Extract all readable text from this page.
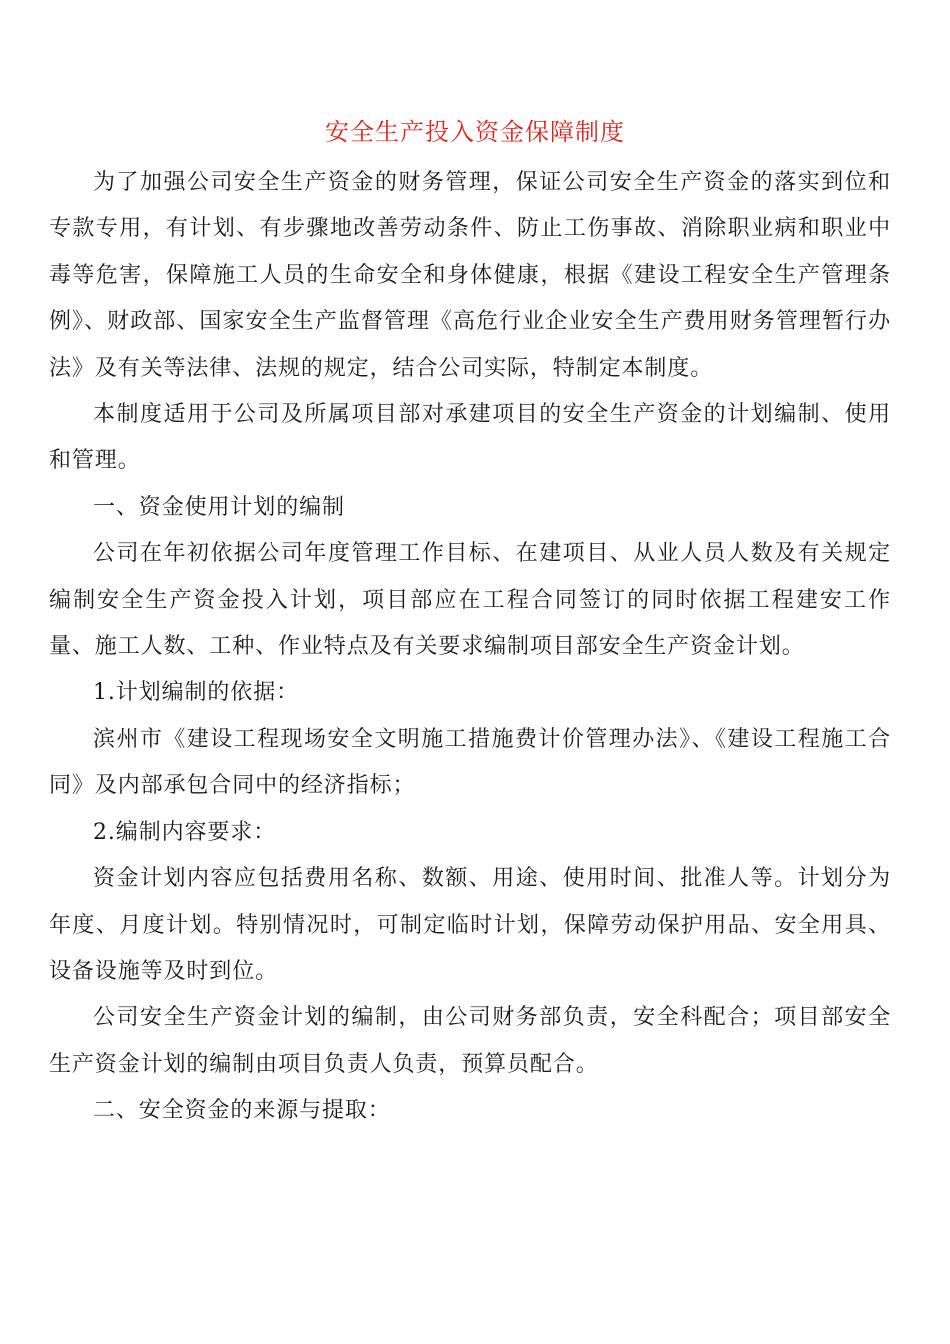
安全生产投入资金保障制度

为了加强公司安全生产资金的财务管理，保证公司安全生产资金的落实到位和专款专用，有计划、有步骤地改善劳动条件、防止工伤事故、消除职业病和职业中毒等危害，保障施工人员的生命安全和身体健康，根据《建设工程安全生产管理条例》、财政部、国家安全生产监督管理《高危行业企业安全生产费用财务管理暂行办法》及有关等法律、法规的规定，结合公司实际，特制定本制度。

本制度适用于公司及所属项目部对承建项目的安全生产资金的计划编制、使用和管理。

一、资金使用计划的编制

公司在年初依据公司年度管理工作目标、在建项目、从业人员人数及有关规定编制安全生产资金投入计划，项目部应在工程合同签订的同时依据工程建安工作量、施工人数、工种、作业特点及有关要求编制项目部安全生产资金计划。

1.计划编制的依据：

滨州市《建设工程现场安全文明施工措施费计价管理办法》、《建设工程施工合同》及内部承包合同中的经济指标；

2.编制内容要求：

资金计划内容应包括费用名称、数额、用途、使用时间、批准人等。计划分为年度、月度计划。特别情况时，可制定临时计划，保障劳动保护用品、安全用具、设备设施等及时到位。

公司安全生产资金计划的编制，由公司财务部负责，安全科配合；项目部安全生产资金计划的编制由项目负责人负责，预算员配合。

二、安全资金的来源与提取：
